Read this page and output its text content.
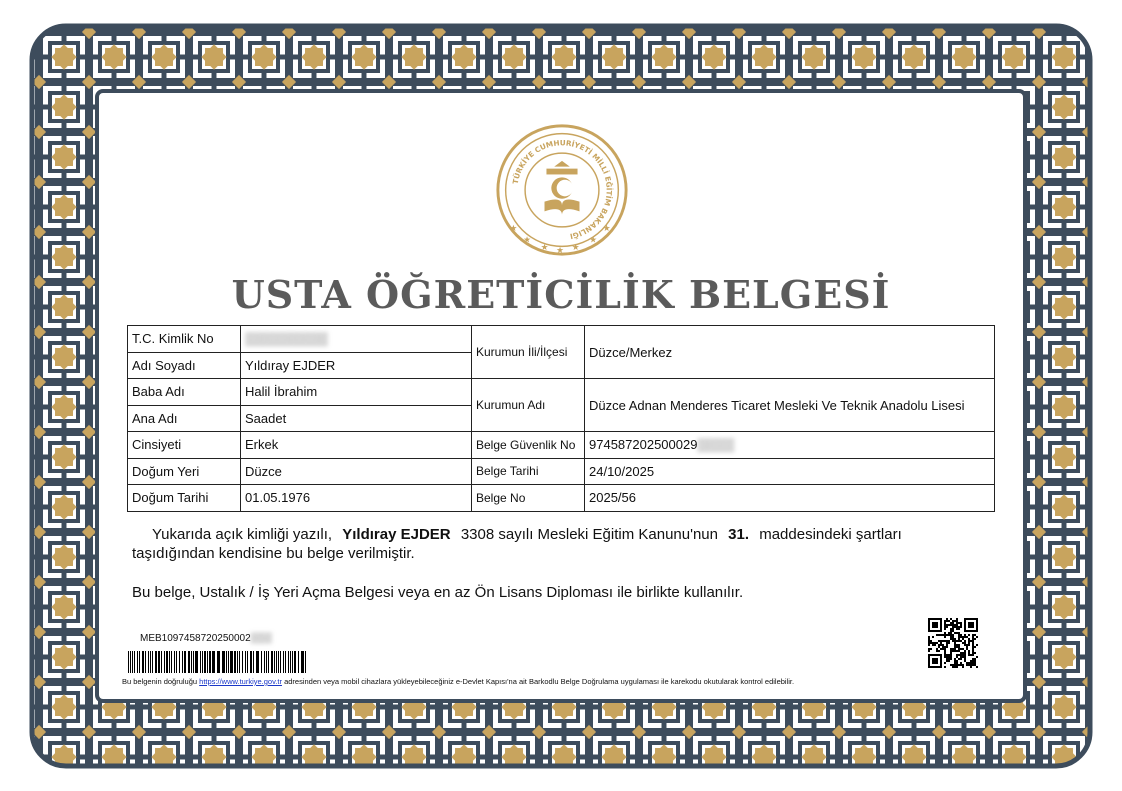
TÜRKİYE CUMHURİYETİ MİLLİ EĞİTİM BAKANLIĞI
★
★
★ ★ ★
★
★
USTA ÖĞRETİCİLİK BELGESİ
T.C. Kimlik No	▒▒▒▒▒▒▒▒▒	Kurumun İli/İlçesi	Düzce/Merkez
Adı Soyadı	Yıldıray EJDER		
Baba Adı	Halil İbrahim	Kurumun Adı	Düzce Adnan Menderes Ticaret Mesleki Ve Teknik Anadolu Lisesi
Ana Adı	Saadet		
Cinsiyeti	Erkek	Belge Güvenlik No	974587202500029▒▒▒▒
Doğum Yeri	Düzce	Belge Tarihi	24/10/2025
Doğum Tarihi	01.05.1976	Belge No	2025/56
Yukarıda açık kimliği yazılı, Yıldıray EJDER 3308 sayılı Mesleki Eğitim Kanunu'nun 31. maddesindeki şartları taşıdığından kendisine bu belge verilmiştir.
Bu belge, Ustalık / İş Yeri Açma Belgesi veya en az Ön Lisans Diploması ile birlikte kullanılır.
MEB1097458720250002▒▒▒
Bu belgenin doğruluğu https://www.turkiye.gov.tr adresinden veya mobil cihazlara yükleyebileceğiniz e-Devlet Kapısı'na ait Barkodlu Belge Doğrulama uygulaması ile karekodu okutularak kontrol edilebilir.
